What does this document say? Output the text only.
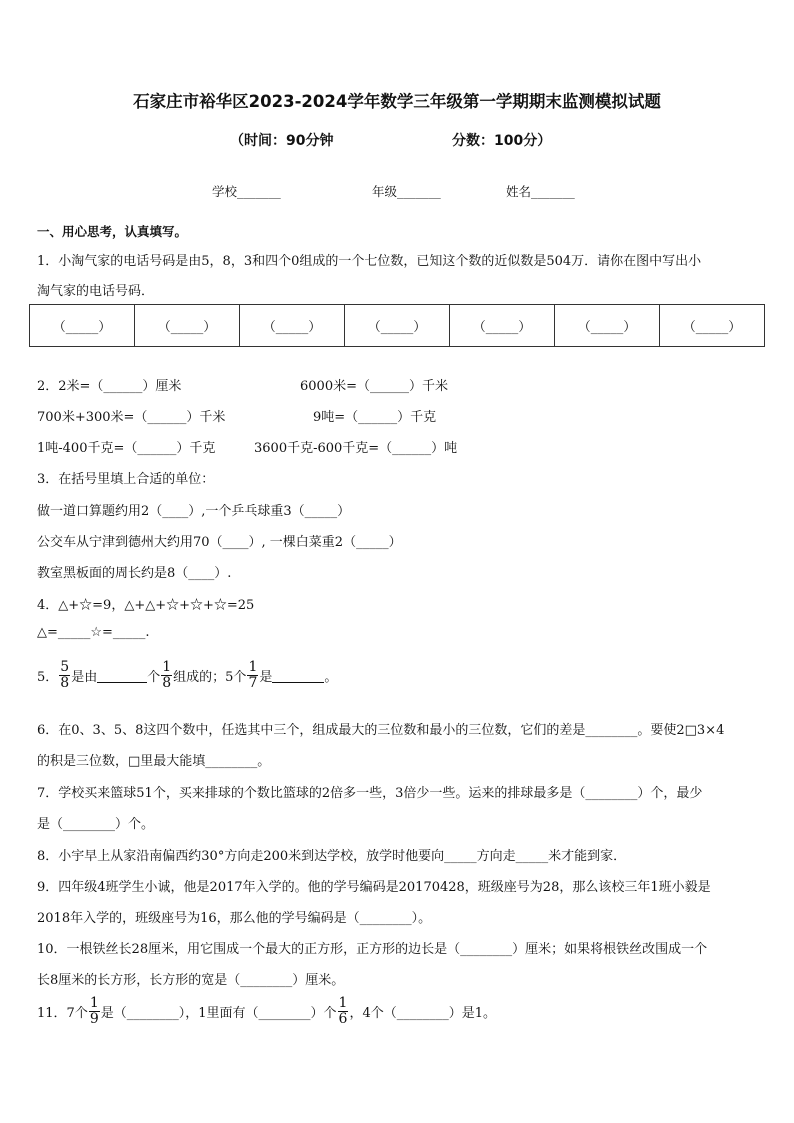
石家庄市裕华区2023-2024学年数学三年级第一学期期末监测模拟试题
（时间：90分钟	分数：100分）
学校_______	年级_______	姓名_______
一、用心思考，认真填写。
1．小淘气家的电话号码是由5，8，3和四个0组成的一个七位数，已知这个数的近似数是504万．请你在图中写出小
淘气家的电话号码．
（_____）	（_____）	（_____）	（_____）	（_____）	（_____）	（_____）
2．2米=（______）厘米	6000米=（______）千米
700米+300米=（______）千米	9吨=（______）千克
1吨-400千克=（______）千克	3600千克-600千克=（______）吨
3．在括号里填上合适的单位：
做一道口算题约用2（____）,一个乒乓球重3（_____）
公交车从宁津到德州大约用70（____）, 一棵白菜重2（_____）
教室黑板面的周长约是8（____）.
4．△+☆=9，△+△+☆+☆+☆=25
△=_____☆=_____.
5． $\frac{5}{8}$ 是由	个 $\frac{1}{8}$ 组成的；5个 $\frac{1}{7}$ 是	。
6．在0、3、5、8这四个数中，任选其中三个，组成最大的三位数和最小的三位数，它们的差是________。要使2□3×4
的积是三位数，□里最大能填________。
7．学校买来篮球51个，买来排球的个数比篮球的2倍多一些，3倍少一些。运来的排球最多是（________）个，最少
是（________）个。
8．小宇早上从家沿南偏西约30°方向走200米到达学校，放学时他要向_____方向走_____米才能到家．
9．四年级4班学生小诚，他是2017年入学的。他的学号编码是20170428，班级座号为28，那么该校三年1班小毅是
2018年入学的，班级座号为16，那么他的学号编码是（________）。
10．一根铁丝长28厘米，用它围成一个最大的正方形，正方形的边长是（________）厘米；如果将根铁丝改围成一个
长8厘米的长方形，长方形的宽是（________）厘米。
11．7个 $\frac{1}{9}$ 是（________），1里面有（________）个 $\frac{1}{6}$ ，4个（________）是1。
